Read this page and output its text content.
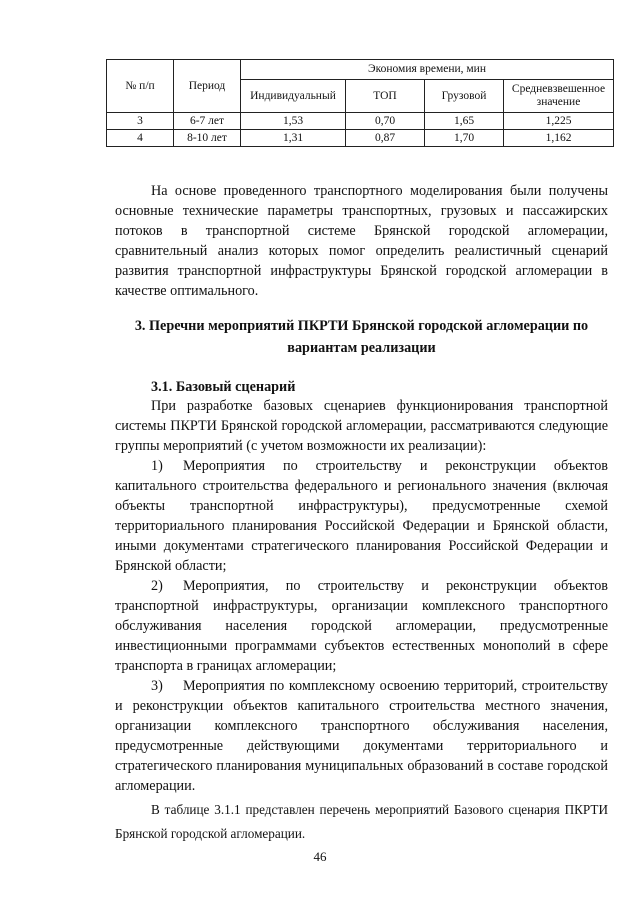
№ п/п	Период	Экономия времени, мин			
		Индивидуальный	ТОП	Грузовой	Средневзвешенное
значение

3	6-7 лет	1,53	0,70	1,65	1,225
4	8-10 лет	1,31	0,87	1,70	1,162

На основе проведенного транспортного моделирования были получены основные технические параметры транспортных, грузовых и пассажирских потоков в транспортной системе Брянской городской агломерации, сравнительный анализ которых помог определить реалистичный сценарий развития транспортной инфраструктуры Брянской городской агломерации в качестве оптимального.

3. Перечни мероприятий ПКРТИ Брянской городской агломерации по вариантам реализации

3.1. Базовый сценарий

При разработке базовых сценариев функционирования транспортной системы ПКРТИ Брянской городской агломерации, рассматриваются следующие группы мероприятий (с учетом возможности их реализации):

1) Мероприятия по строительству и реконструкции объектов капитального строительства федерального и регионального значения (включая объекты транспортной инфраструктуры), предусмотренные схемой территориального планирования Российской Федерации и Брянской области, иными документами стратегического планирования Российской Федерации и Брянской области;

2) Мероприятия, по строительству и реконструкции объектов транспортной инфраструктуры, организации комплексного транспортного обслуживания населения городской агломерации, предусмотренные инвестиционными программами субъектов естественных монополий в сфере транспорта в границах агломерации;

3) Мероприятия по комплексному освоению территорий, строительству и реконструкции объектов капитального строительства местного значения, организации комплексного транспортного обслуживания населения, предусмотренные действующими документами территориального и стратегического планирования муниципальных образований в составе городской агломерации.

В таблице 3.1.1 представлен перечень мероприятий Базового сценария ПКРТИ Брянской городской агломерации.

46
